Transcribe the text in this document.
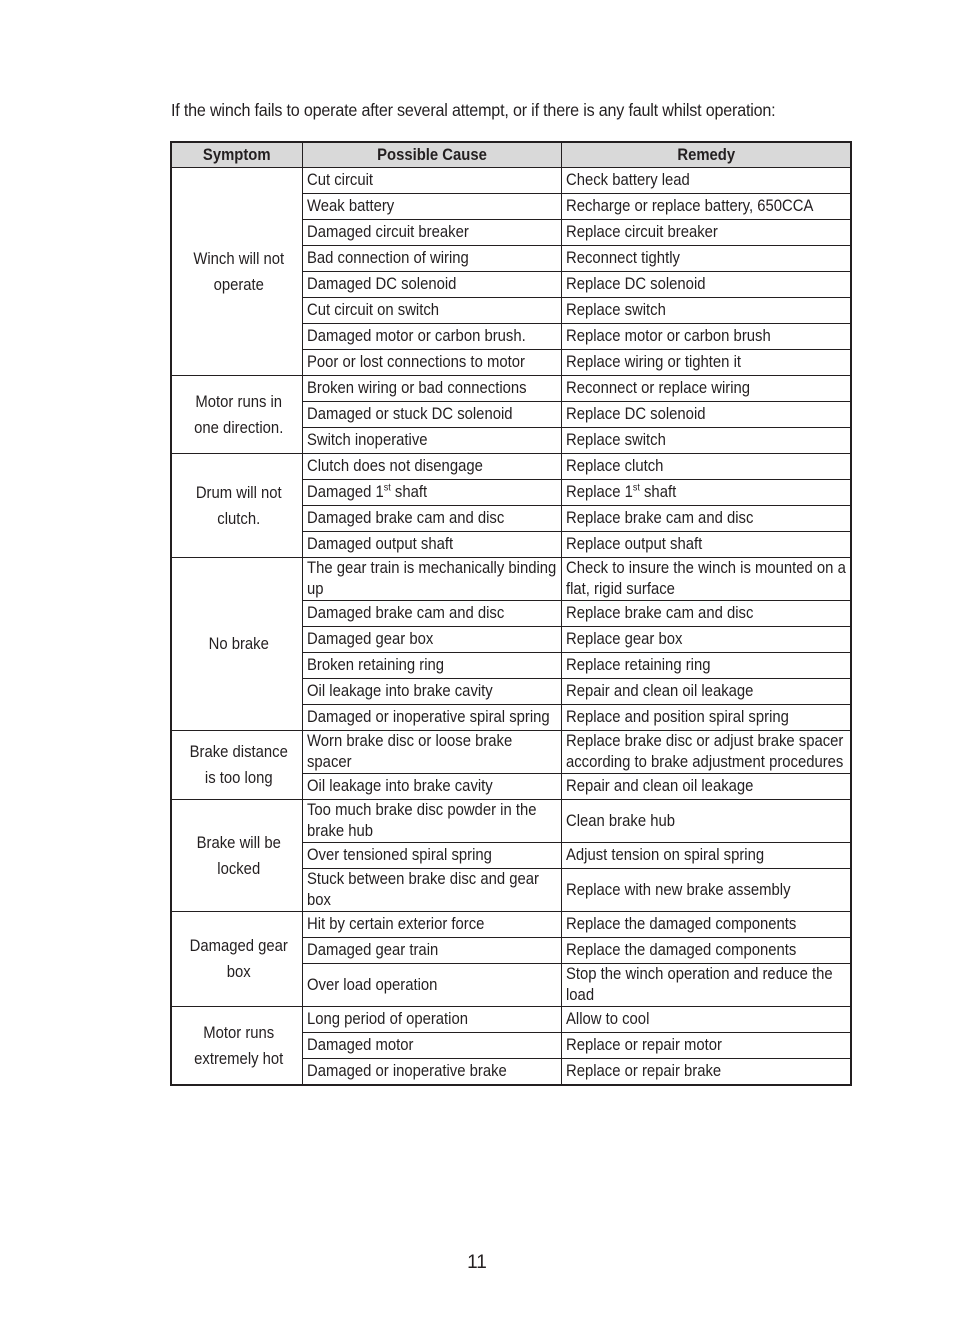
If the winch fails to operate after several attempt, or if there is any fault whilst operation:
Symptom	Possible Cause	Remedy

Winch will not operate	Cut circuit	Check battery lead

	Weak battery	Recharge or replace battery, 650CCA

	Damaged circuit breaker	Replace circuit breaker

	Bad connection of wiring	Reconnect tightly

	Damaged DC solenoid	Replace DC solenoid

	Cut circuit on switch	Replace switch

	Damaged motor or carbon brush.	Replace motor or carbon brush

	Poor or lost connections to motor	Replace wiring or tighten it

Motor runs in one direction.	Broken wiring or bad connections	Reconnect or replace wiring

	Damaged or stuck DC solenoid	Replace DC solenoid

	Switch inoperative	Replace switch

Drum will not clutch.	Clutch does not disengage	Replace clutch

	Damaged 1st shaft	Replace 1st shaft

	Damaged brake cam and disc	Replace brake cam and disc

	Damaged output shaft	Replace output shaft

No brake	The gear train is mechanically binding up	Check to insure the winch is mounted on a flat, rigid surface

	Damaged brake cam and disc	Replace brake cam and disc

	Damaged gear box	Replace gear box

	Broken retaining ring	Replace retaining ring

	Oil leakage into brake cavity	Repair and clean oil leakage

	Damaged or inoperative spiral spring	Replace and position spiral spring

Brake distance is too long	Worn brake disc or loose brake spacer	Replace brake disc or adjust brake spacer according to brake adjustment procedures

	Oil leakage into brake cavity	Repair and clean oil leakage

Brake will be locked	Too much brake disc powder in the brake hub	Clean brake hub

	Over tensioned spiral spring	Adjust tension on spiral spring

	Stuck between brake disc and gear box	Replace with new brake assembly

Damaged gear box	Hit by certain exterior force	Replace the damaged components

	Damaged gear train	Replace the damaged components

	Over load operation	Stop the winch operation and reduce the load

Motor runs extremely hot	Long period of operation	Allow to cool

	Damaged motor	Replace or repair motor

	Damaged or inoperative brake	Replace or repair brake
11
